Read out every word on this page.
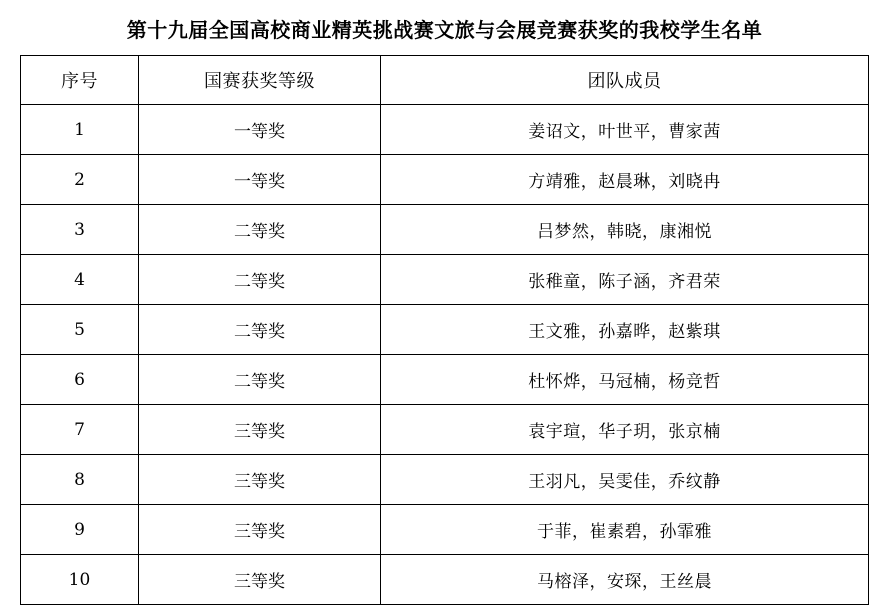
第十九届全国高校商业精英挑战赛文旅与会展竞赛获奖的我校学生名单
序号	国赛获奖等级	团队成员
1	一等奖	姜诏文，叶世平，曹家茜
2	一等奖	方靖雅，赵晨琳，刘晓冉
3	二等奖	吕梦然，韩晓，康湘悦
4	二等奖	张稚童，陈子涵，齐君荣
5	二等奖	王文雅，孙嘉晔，赵紫琪
6	二等奖	杜怀烨，马冠楠，杨竞哲
7	三等奖	袁宇瑄，华子玥，张京楠
8	三等奖	王羽凡，吴雯佳，乔纹静
9	三等奖	于菲，崔素碧，孙霏雅
10	三等奖	马榕泽，安琛，王丝晨
